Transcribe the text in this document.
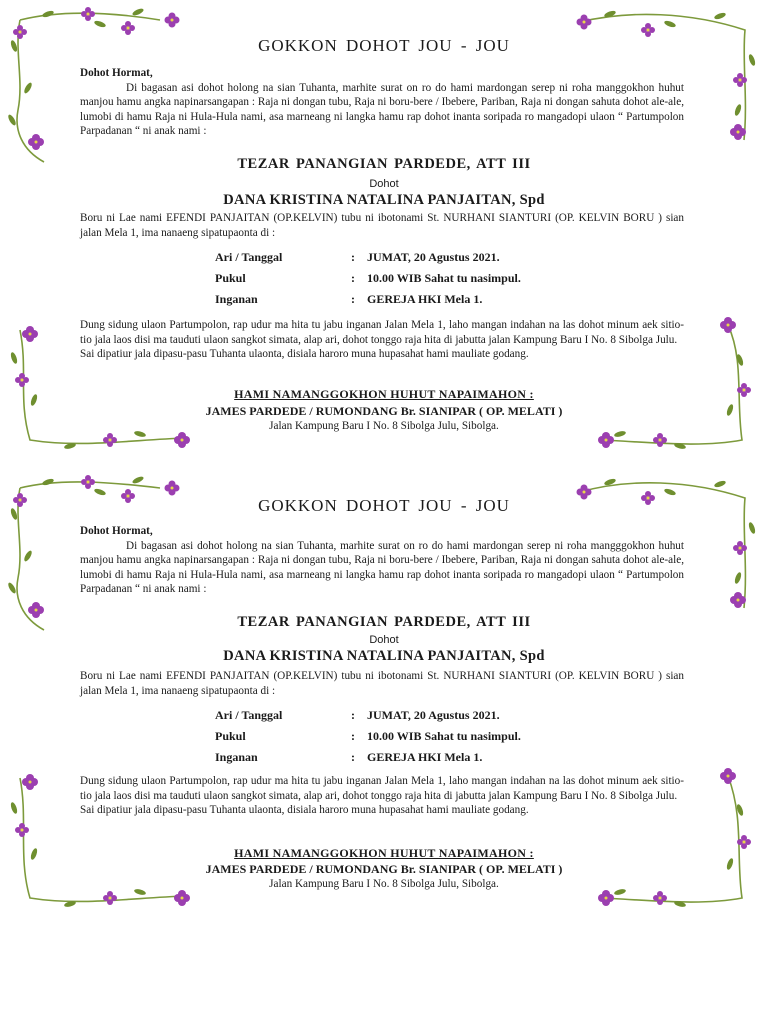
GOKKON DOHOT JOU - JOU
Dohot Hormat,

Di bagasan asi dohot holong na sian Tuhanta, marhite surat on ro do hami mardongan serep ni roha manggokhon huhut manjou hamu angka napinarsangapan : Raja ni dongan tubu, Raja ni boru-bere / Ibebere, Pariban, Raja ni dongan sahuta dohot ale-ale, lumobi di hamu Raja ni Hula-Hula nami, asa marneang ni langka hamu rap dohot inanta soripada ro mangadopi ulaon “ Partumpolon Parpadanan “ ni anak nami :

TEZAR PANANGIAN PARDEDE, ATT III
Dohot
DANA KRISTINA NATALINA PANJAITAN, Spd
Boru ni Lae nami EFENDI PANJAITAN (OP.KELVIN) tubu ni ibotonami St. NURHANI SIANTURI (OP. KELVIN BORU ) sian jalan Mela 1, ima nanaeng sipatupaonta di :
Ari / Tanggal	: JUMAT, 20 Agustus 2021.
Pukul	: 10.00 WIB Sahat tu nasimpul.
Inganan	: GEREJA HKI Mela 1.

Dung sidung ulaon Partumpolon, rap udur ma hita tu jabu inganan Jalan Mela 1, laho mangan indahan na las dohot minum aek sitio-tio jala laos disi ma tauduti ulaon sangkot simata, alap ari, dohot tonggo raja hita di jabutta jalan Kampung Baru I No. 8 Sibolga Julu.

Sai dipatiur jala dipasu-pasu Tuhanta ulaonta, disiala haroro muna hupasahat hami mauliate godang.

HAMI NAMANGGOKHON HUHUT NAPAIMAHON :
JAMES PARDEDE / RUMONDANG Br. SIANIPAR ( OP. MELATI )
Jalan Kampung Baru I No. 8 Sibolga Julu, Sibolga.
GOKKON DOHOT JOU - JOU
Dohot Hormat,

Di bagasan asi dohot holong na sian Tuhanta, marhite surat on ro do hami mardongan serep ni roha mangggokhon huhut manjou hamu angka napinarsangapan : Raja ni dongan tubu, Raja ni boru-bere / Ibebere, Pariban, Raja ni dongan sahuta dohot ale-ale, lumobi di hamu Raja ni Hula-Hula nami, asa marneang ni langka hamu rap dohot inanta soripada ro mangadopi ulaon “ Partumpolon Parpadanan “ ni anak nami :

TEZAR PANANGIAN PARDEDE, ATT III
Dohot
DANA KRISTINA NATALINA PANJAITAN, Spd
Boru ni Lae nami EFENDI PANJAITAN (OP.KELVIN) tubu ni ibotonami St. NURHANI SIANTURI (OP. KELVIN BORU ) sian jalan Mela 1, ima nanaeng sipatupaonta di :
Ari / Tanggal	: JUMAT, 20 Agustus 2021.
Pukul	: 10.00 WIB Sahat tu nasimpul.
Inganan	: GEREJA HKI Mela 1.

Dung sidung ulaon Partumpolon, rap udur ma hita tu jabu inganan Jalan Mela 1, laho mangan indahan na las dohot minum aek sitio-tio jala laos disi ma tauduti ulaon sangkot simata, alap ari, dohot tonggo raja hita di jabutta jalan Kampung Baru I No. 8 Sibolga Julu.

Sai dipatiur jala dipasu-pasu Tuhanta ulaonta, disiala haroro muna hupasahat hami mauliate godang.

HAMI NAMANGGOKHON HUHUT NAPAIMAHON :
JAMES PARDEDE / RUMONDANG Br. SIANIPAR ( OP. MELATI )
Jalan Kampung Baru I No. 8 Sibolga Julu, Sibolga.
